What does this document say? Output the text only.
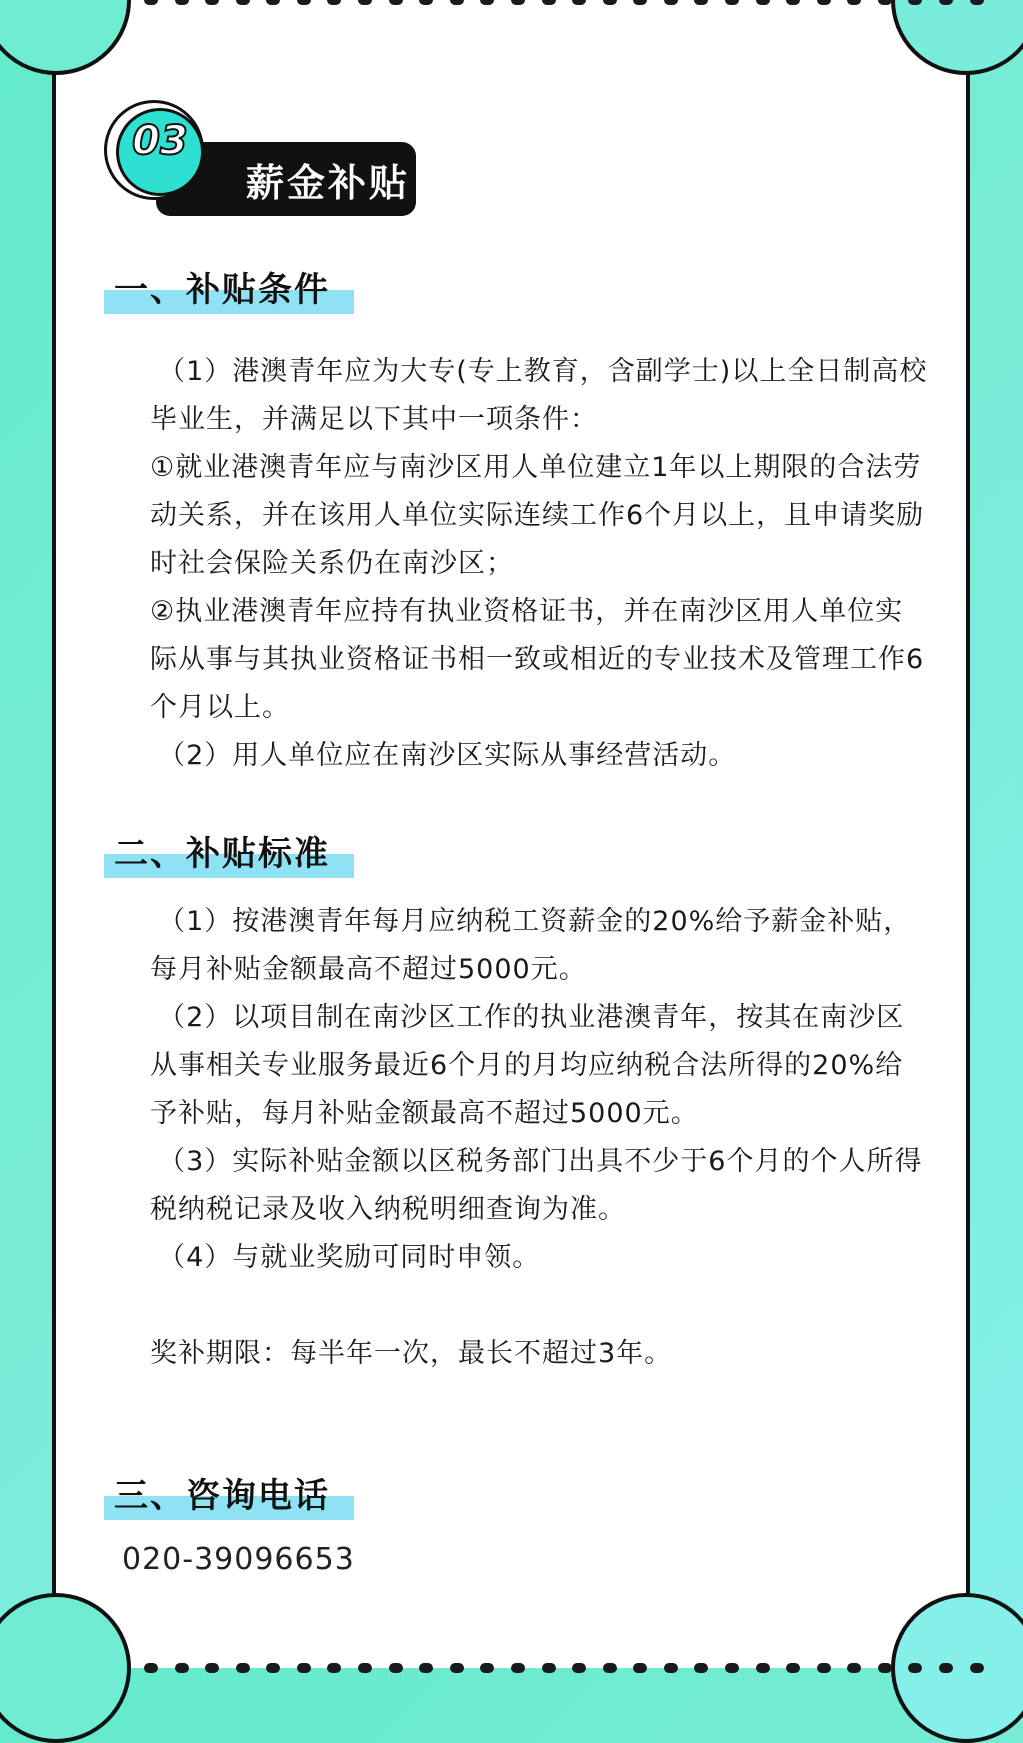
薪金补贴
03
一、补贴条件

（1）港澳青年应为大专(专上教育，含副学士)以上全日制高校毕业生，并满足以下其中一项条件：

①就业港澳青年应与南沙区用人单位建立1年以上期限的合法劳动关系，并在该用人单位实际连续工作6个月以上，且申请奖励时社会保险关系仍在南沙区；

②执业港澳青年应持有执业资格证书，并在南沙区用人单位实际从事与其执业资格证书相一致或相近的专业技术及管理工作6个月以上。

（2）用人单位应在南沙区实际从事经营活动。

二、补贴标准

（1）按港澳青年每月应纳税工资薪金的20%给予薪金补贴，每月补贴金额最高不超过5000元。

（2）以项目制在南沙区工作的执业港澳青年，按其在南沙区从事相关专业服务最近6个月的月均应纳税合法所得的20%给予补贴，每月补贴金额最高不超过5000元。

（3）实际补贴金额以区税务部门出具不少于6个月的个人所得税纳税记录及收入纳税明细查询为准。

（4）与就业奖励可同时申领。

奖补期限：每半年一次，最长不超过3年。
三、咨询电话
020-39096653
